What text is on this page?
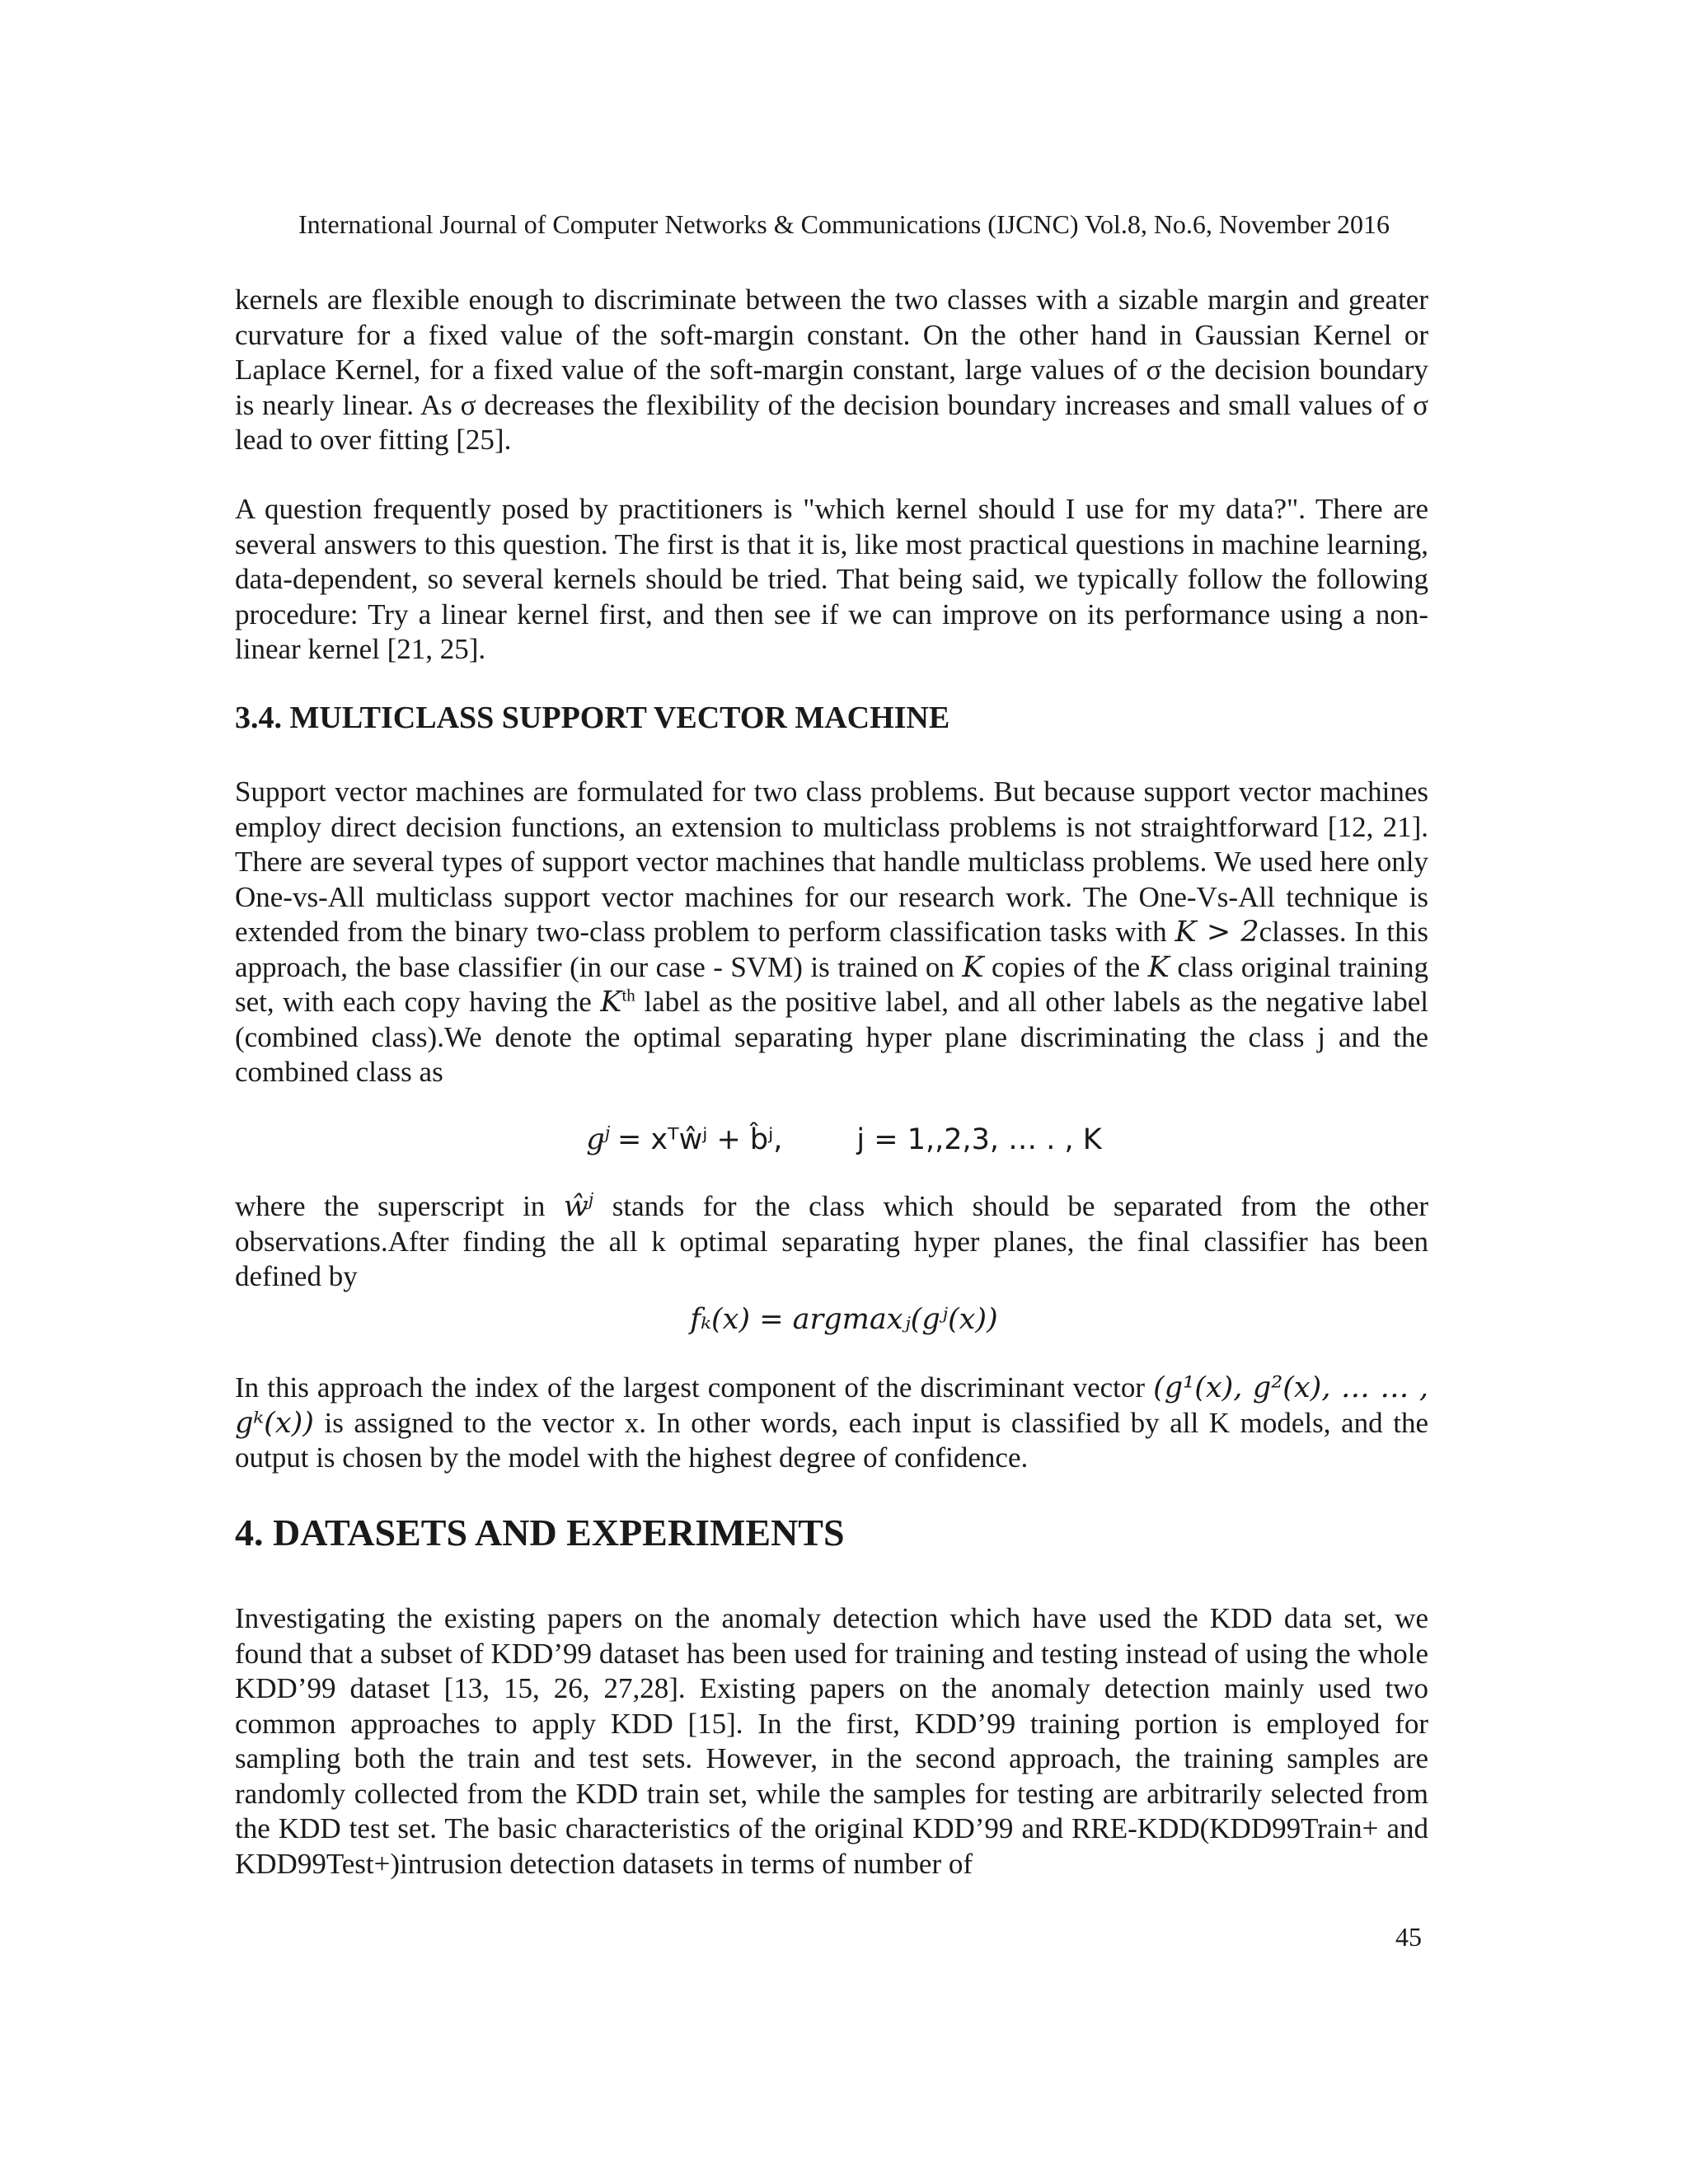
International Journal of Computer Networks & Communications (IJCNC) Vol.8, No.6, November 2016

kernels are flexible enough to discriminate between the two classes with a sizable margin and greater curvature for a fixed value of the soft-margin constant. On the other hand in Gaussian Kernel or Laplace Kernel, for a fixed value of the soft-margin constant, large values of σ the decision boundary is nearly linear. As σ decreases the flexibility of the decision boundary increases and small values of σ lead to over fitting [25].

A question frequently posed by practitioners is "which kernel should I use for my data?". There are several answers to this question. The first is that it is, like most practical questions in machine learning, data-dependent, so several kernels should be tried. That being said, we typically follow the following procedure: Try a linear kernel first, and then see if we can improve on its performance using a non-linear kernel [21, 25].

3.4. MULTICLASS SUPPORT VECTOR MACHINE

Support vector machines are formulated for two class problems. But because support vector machines employ direct decision functions, an extension to multiclass problems is not straightforward [12, 21]. There are several types of support vector machines that handle multiclass problems. We used here only One-vs-All multiclass support vector machines for our research work. The One-Vs-All technique is extended from the binary two-class problem to perform classification tasks with K > 2classes. In this approach, the base classifier (in our case - SVM) is trained on K copies of the K class original training set, with each copy having the $K^{th}$ label as the positive label, and all other labels as the negative label (combined class).We denote the optimal separating hyper plane discriminating the class j and the combined class as

$g^j$ = xᵀŵʲ + b̂ʲ,	j = 1,,2,3, … . , K

where the superscript in $ŵ^j$ stands for the class which should be separated from the other observations.After finding the all k optimal separating hyper planes, the final classifier has been defined by

fₖ(x) = argmaxⱼ(gʲ(x))

In this approach the index of the largest component of the discriminant vector (g¹(x), g²(x), … … , gᵏ(x)) is assigned to the vector x. In other words, each input is classified by all K models, and the output is chosen by the model with the highest degree of confidence.

4. DATASETS AND EXPERIMENTS

Investigating the existing papers on the anomaly detection which have used the KDD data set, we found that a subset of KDD’99 dataset has been used for training and testing instead of using the whole KDD’99 dataset [13, 15, 26, 27,28]. Existing papers on the anomaly detection mainly used two common approaches to apply KDD [15]. In the first, KDD’99 training portion is employed for sampling both the train and test sets. However, in the second approach, the training samples are randomly collected from the KDD train set, while the samples for testing are arbitrarily selected from the KDD test set. The basic characteristics of the original KDD’99 and RRE-KDD(KDD99Train+ and KDD99Test+)intrusion detection datasets in terms of number of

45
